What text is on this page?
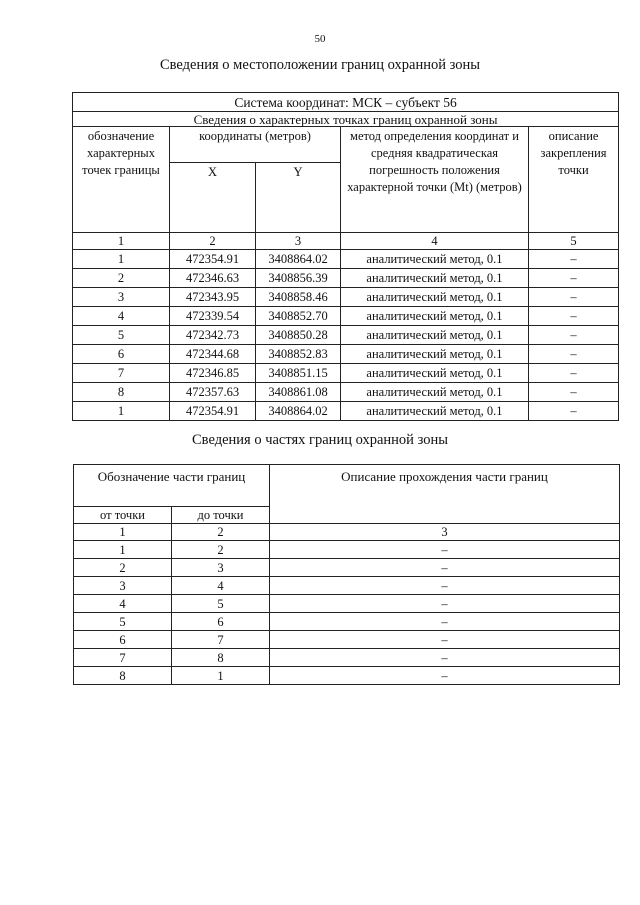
50
Сведения о местоположении границ охранной зоны
Система координат: МСК – субъект 56				
Сведения о характерных точках границ охранной зоны				
обозначение характерных точек границы	координаты (метров)		метод определения координат и средняя квадратическая погрешность положения характерной точки (Mt) (метров)	описание закрепления точки
	X	Y		
1	2	3	4	5
1	472354.91	3408864.02	аналитический метод, 0.1	–
2	472346.63	3408856.39	аналитический метод, 0.1	–
3	472343.95	3408858.46	аналитический метод, 0.1	–
4	472339.54	3408852.70	аналитический метод, 0.1	–
5	472342.73	3408850.28	аналитический метод, 0.1	–
6	472344.68	3408852.83	аналитический метод, 0.1	–
7	472346.85	3408851.15	аналитический метод, 0.1	–
8	472357.63	3408861.08	аналитический метод, 0.1	–
1	472354.91	3408864.02	аналитический метод, 0.1	–
Сведения о частях границ охранной зоны
Обозначение части границ		Описание прохождения части границ
от точки	до точки	
1	2	3
1	2	–
2	3	–
3	4	–
4	5	–
5	6	–
6	7	–
7	8	–
8	1	–
